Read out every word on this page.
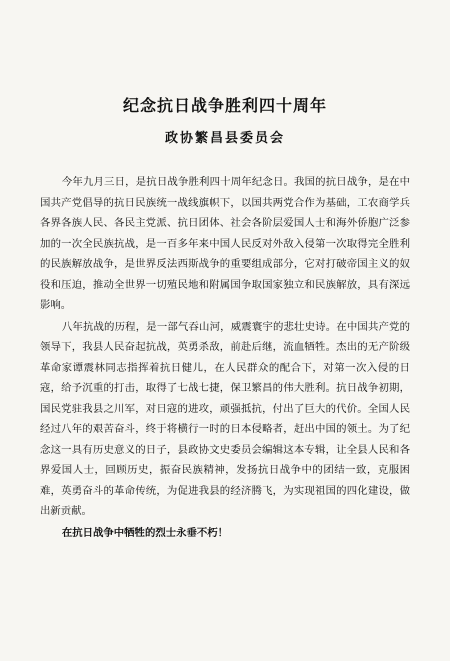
纪念抗日战争胜利四十周年
政协繁昌县委员会

今年九月三日，是抗日战争胜利四十周年纪念日。我国的抗日战争，是在中国共产党倡导的抗日民族统一战线旗帜下，以国共两党合作为基础，工农商学兵各界各族人民、各民主党派、抗日团体、社会各阶层爱国人士和海外侨胞广泛参加的一次全民族抗战，是一百多年来中国人民反对外敌入侵第一次取得完全胜利的民族解放战争，是世界反法西斯战争的重要组成部分，它对打破帝国主义的奴役和压迫，推动全世界一切殖民地和附属国争取国家独立和民族解放，具有深远影响。

八年抗战的历程，是一部气吞山河，威震寰宇的悲壮史诗。在中国共产党的领导下，我县人民奋起抗战，英勇杀敌，前赴后继，流血牺牲。杰出的无产阶级革命家谭震林同志指挥着抗日健儿，在人民群众的配合下，对第一次入侵的日寇，给予沉重的打击，取得了七战七捷，保卫繁昌的伟大胜利。抗日战争初期，国民党驻我县之川军，对日寇的进攻，顽强抵抗，付出了巨大的代价。全国人民经过八年的艰苦奋斗，终于将横行一时的日本侵略者，赶出中国的领土。为了纪念这一具有历史意义的日子，县政协文史委员会编辑这本专辑，让全县人民和各界爱国人士，回顾历史，振奋民族精神，发扬抗日战争中的团结一致，克服困难，英勇奋斗的革命传统，为促进我县的经济腾飞，为实现祖国的四化建设，做出新贡献。

在抗日战争中牺牲的烈士永垂不朽！
